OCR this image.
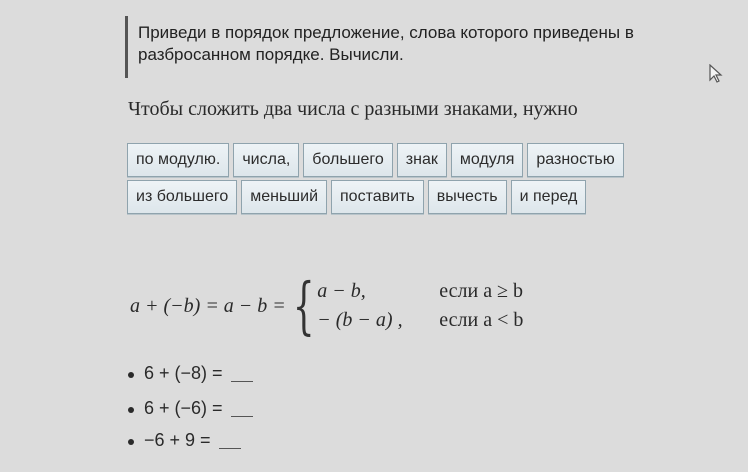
Приведи в порядок предложение, слова которого приведены в разбросанном порядке. Вычисли.
Чтобы сложить два числа с разными знаками, нужно
по модулю.	числа,	большего	знак	модуля	разностью
из большего	меньший	поставить	вычесть	и перед
a + (−b) = a − b = { a − b,	если a ≥ b
− (b − a) ,	если a < b
6 + (−8) =
6 + (−6) =
−6 + 9 =
